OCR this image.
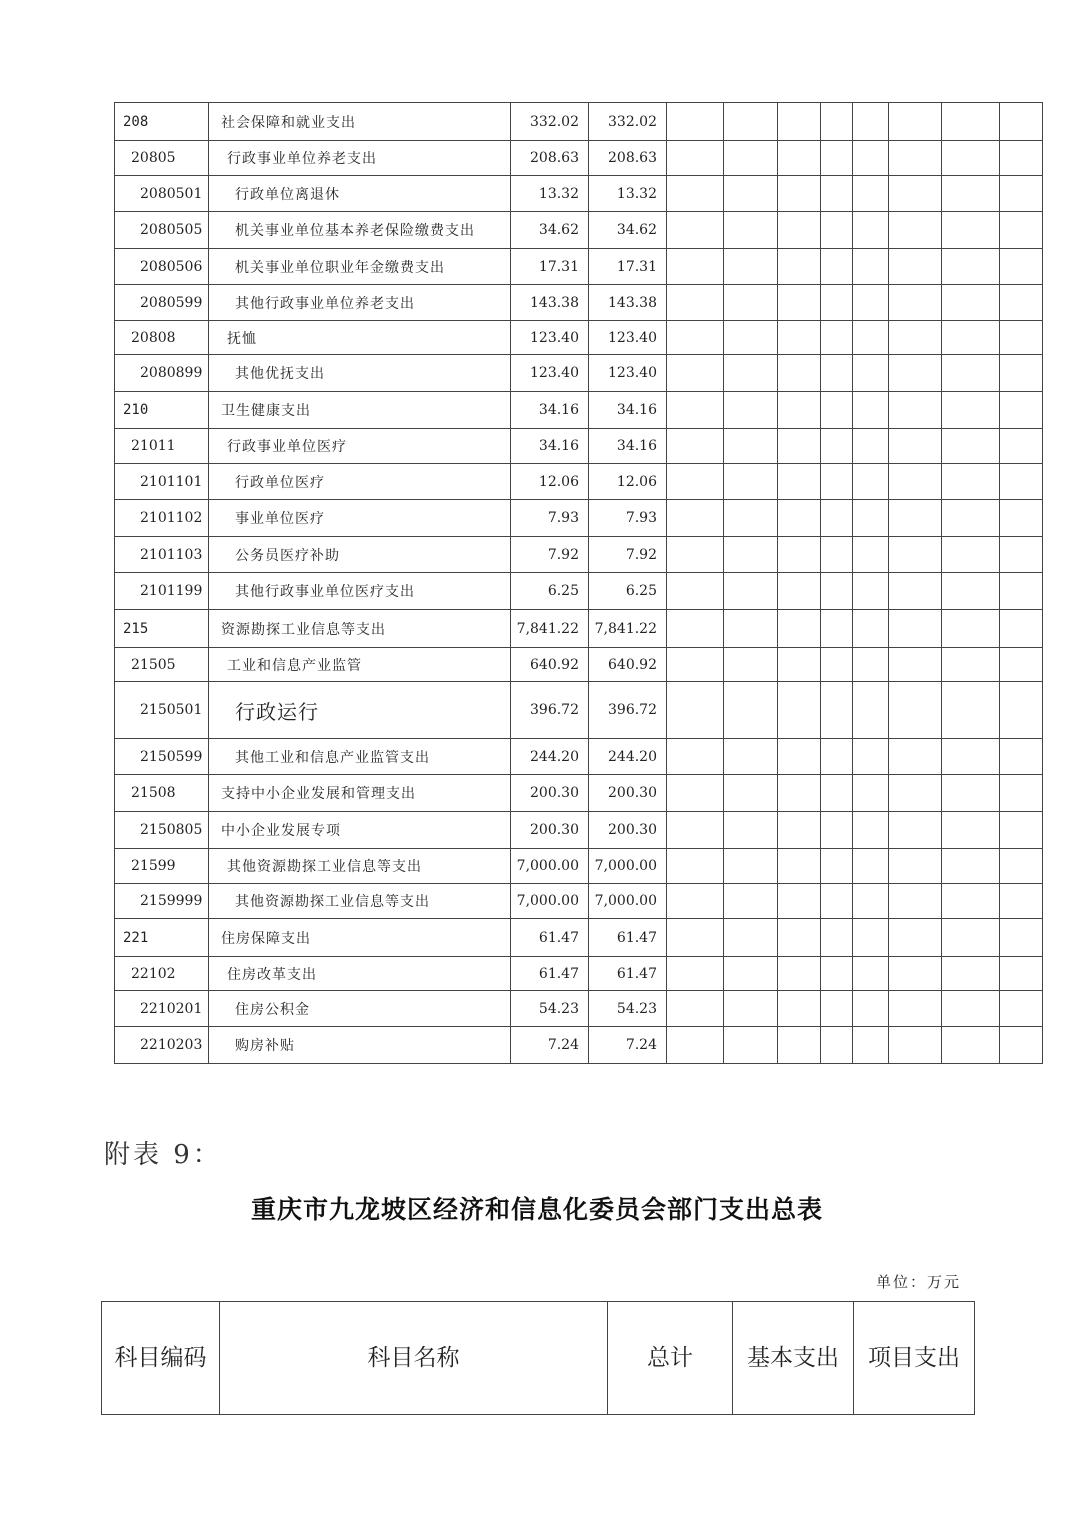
208	社会保障和就业支出	332.02	332.02								
20805	行政事业单位养老支出	208.63	208.63								
2080501	行政单位离退休	13.32	13.32								
2080505	机关事业单位基本养老保险缴费支出	34.62	34.62								
2080506	机关事业单位职业年金缴费支出	17.31	17.31								
2080599	其他行政事业单位养老支出	143.38	143.38								
20808	抚恤	123.40	123.40								
2080899	其他优抚支出	123.40	123.40								
210	卫生健康支出	34.16	34.16								
21011	行政事业单位医疗	34.16	34.16								
2101101	行政单位医疗	12.06	12.06								
2101102	事业单位医疗	7.93	7.93								
2101103	公务员医疗补助	7.92	7.92								
2101199	其他行政事业单位医疗支出	6.25	6.25								
215	资源勘探工业信息等支出	7,841.22	7,841.22								
21505	工业和信息产业监管	640.92	640.92								
2150501	行政运行	396.72	396.72								
2150599	其他工业和信息产业监管支出	244.20	244.20								
21508	支持中小企业发展和管理支出	200.30	200.30								
2150805	中小企业发展专项	200.30	200.30								
21599	其他资源勘探工业信息等支出	7,000.00	7,000.00								
2159999	其他资源勘探工业信息等支出	7,000.00	7,000.00								
221	住房保障支出	61.47	61.47								
22102	住房改革支出	61.47	61.47								
2210201	住房公积金	54.23	54.23								
2210203	购房补贴	7.24	7.24								
附表 9：
重庆市九龙坡区经济和信息化委员会部门支出总表
单位：万元
科目编码	科目名称	总计	基本支出	项目支出
